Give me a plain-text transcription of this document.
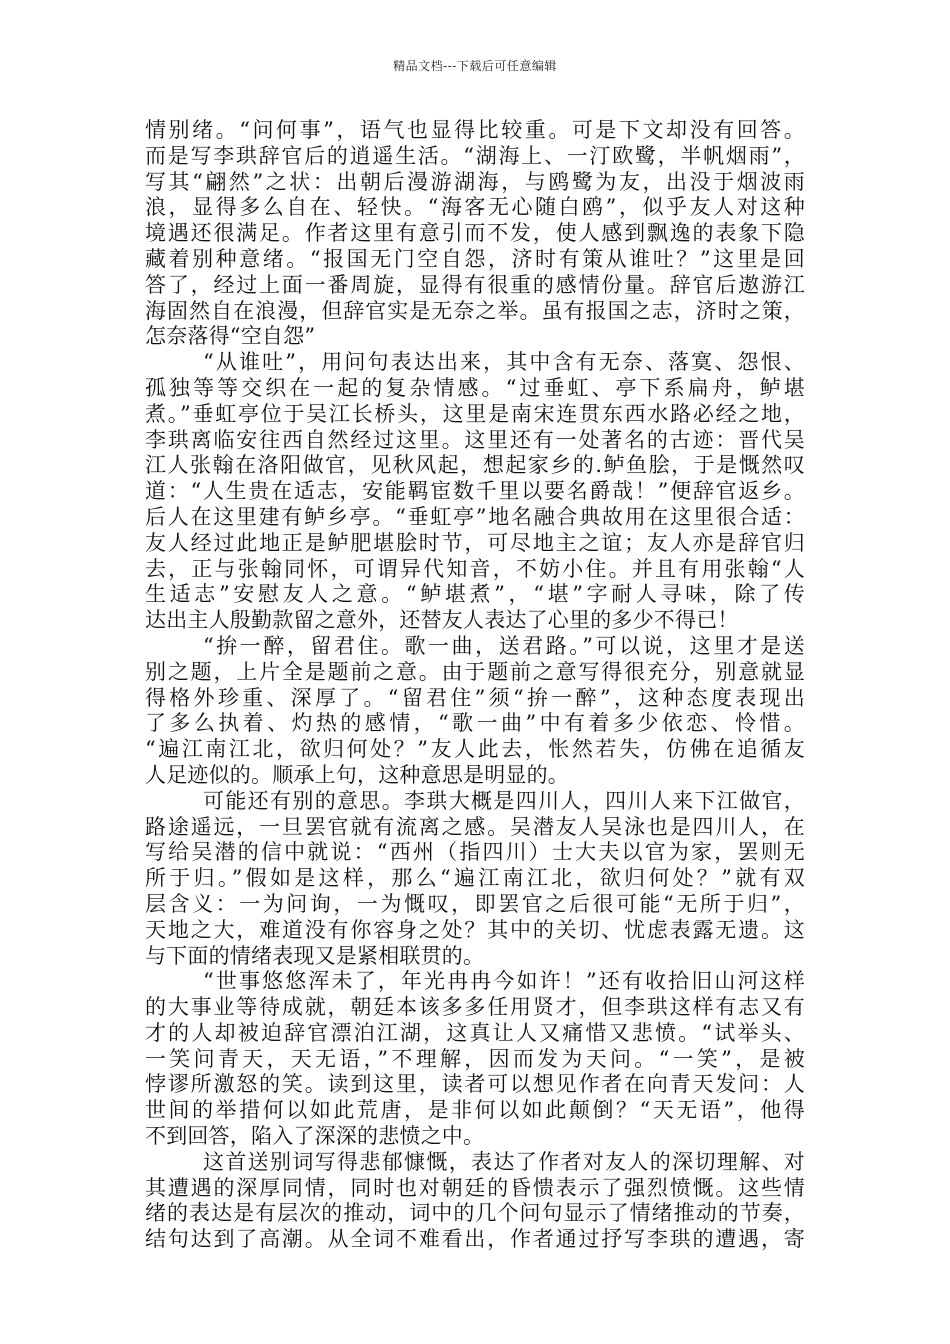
精品文档---下载后可任意编辑
情别绪。“问何事”，语气也显得比较重。可是下文却没有回答。
而是写李珙辞官后的逍遥生活。“湖海上、一汀欧鹭，半帆烟雨”，
写其“翩然”之状：出朝后漫游湖海，与鸥鹭为友，出没于烟波雨
浪，显得多么自在、轻快。“海客无心随白鸥”，似乎友人对这种
境遇还很满足。作者这里有意引而不发，使人感到飘逸的表象下隐
藏着别种意绪。“报国无门空自怨，济时有策从谁吐？”这里是回
答了，经过上面一番周旋，显得有很重的感情份量。辞官后遨游江
海固然自在浪漫，但辞官实是无奈之举。虽有报国之志，济时之策，
怎奈落得“空自怨”
“从谁吐”，用问句表达出来，其中含有无奈、落寞、怨恨、
孤独等等交织在一起的复杂情感。“过垂虹、亭下系扁舟，鲈堪
煮。”垂虹亭位于吴江长桥头，这里是南宋连贯东西水路必经之地，
李珙离临安往西自然经过这里。这里还有一处著名的古迹：晋代吴
江人张翰在洛阳做官，见秋风起，想起家乡的.鲈鱼脍，于是慨然叹
道：“人生贵在适志，安能羁宦数千里以要名爵哉！”便辞官返乡。
后人在这里建有鲈乡亭。“垂虹亭”地名融合典故用在这里很合适：
友人经过此地正是鲈肥堪脍时节，可尽地主之谊；友人亦是辞官归
去，正与张翰同怀，可谓异代知音，不妨小住。并且有用张翰“人
生适志”安慰友人之意。“鲈堪煮”，“堪”字耐人寻味，除了传
达出主人殷勤款留之意外，还替友人表达了心里的多少不得已！
“拚一醉，留君住。歌一曲，送君路。”可以说，这里才是送
别之题，上片全是题前之意。由于题前之意写得很充分，别意就显
得格外珍重、深厚了。“留君住”须“拚一醉”，这种态度表现出
了多么执着、灼热的感情，“歌一曲”中有着多少依恋、怜惜。
“遍江南江北，欲归何处？”友人此去，怅然若失，仿佛在追循友
人足迹似的。顺承上句，这种意思是明显的。
可能还有别的意思。李珙大概是四川人，四川人来下江做官，
路途遥远，一旦罢官就有流离之感。吴潜友人吴泳也是四川人，在
写给吴潜的信中就说：“西州（指四川）士大夫以官为家，罢则无
所于归。”假如是这样，那么“遍江南江北，欲归何处？”就有双
层含义：一为问询，一为慨叹，即罢官之后很可能“无所于归”，
天地之大，难道没有你容身之处？其中的关切、忧虑表露无遗。这
与下面的情绪表现又是紧相联贯的。
“世事悠悠浑未了，年光冉冉今如许！”还有收拾旧山河这样
的大事业等待成就，朝廷本该多多任用贤才，但李珙这样有志又有
才的人却被迫辞官漂泊江湖，这真让人又痛惜又悲愤。“试举头、
一笑问青天，天无语，”不理解，因而发为天问。“一笑”，是被
悖谬所激怒的笑。读到这里，读者可以想见作者在向青天发问：人
世间的举措何以如此荒唐，是非何以如此颠倒？“天无语”，他得
不到回答，陷入了深深的悲愤之中。
这首送别词写得悲郁慷慨，表达了作者对友人的深切理解、对
其遭遇的深厚同情，同时也对朝廷的昏愦表示了强烈愤慨。这些情
绪的表达是有层次的推动，词中的几个问句显示了情绪推动的节奏，
结句达到了高潮。从全词不难看出，作者通过抒写李珙的遭遇，寄
